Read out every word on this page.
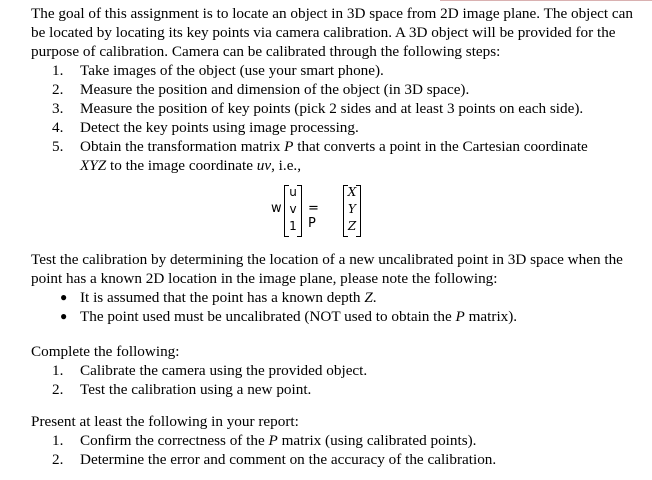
The goal of this assignment is to locate an object in 3D space from 2D image plane. The object can be located by locating its key points via camera calibration. A 3D object will be provided for the purpose of calibration. Camera can be calibrated through the following steps:

1. Take images of the object (use your smart phone).
2. Measure the position and dimension of the object (in 3D space).
3. Measure the position of key points (pick 2 sides and at least 3 points on each side).
4. Detect the key points using image processing.
5. Obtain the transformation matrix P that converts a point in the Cartesian coordinate
XYZ to the image coordinate uv, i.e.,
w
u
v
1
= P
X
Y
Z

Test the calibration by determining the location of a new uncalibrated point in 3D space when the point has a known 2D location in the image plane, please note the following:

● It is assumed that the point has a known depth Z.
● The point used must be uncalibrated (NOT used to obtain the P matrix).

Complete the following:

1. Calibrate the camera using the provided object.
2. Test the calibration using a new point.

Present at least the following in your report:

1. Confirm the correctness of the P matrix (using calibrated points).
2. Determine the error and comment on the accuracy of the calibration.
